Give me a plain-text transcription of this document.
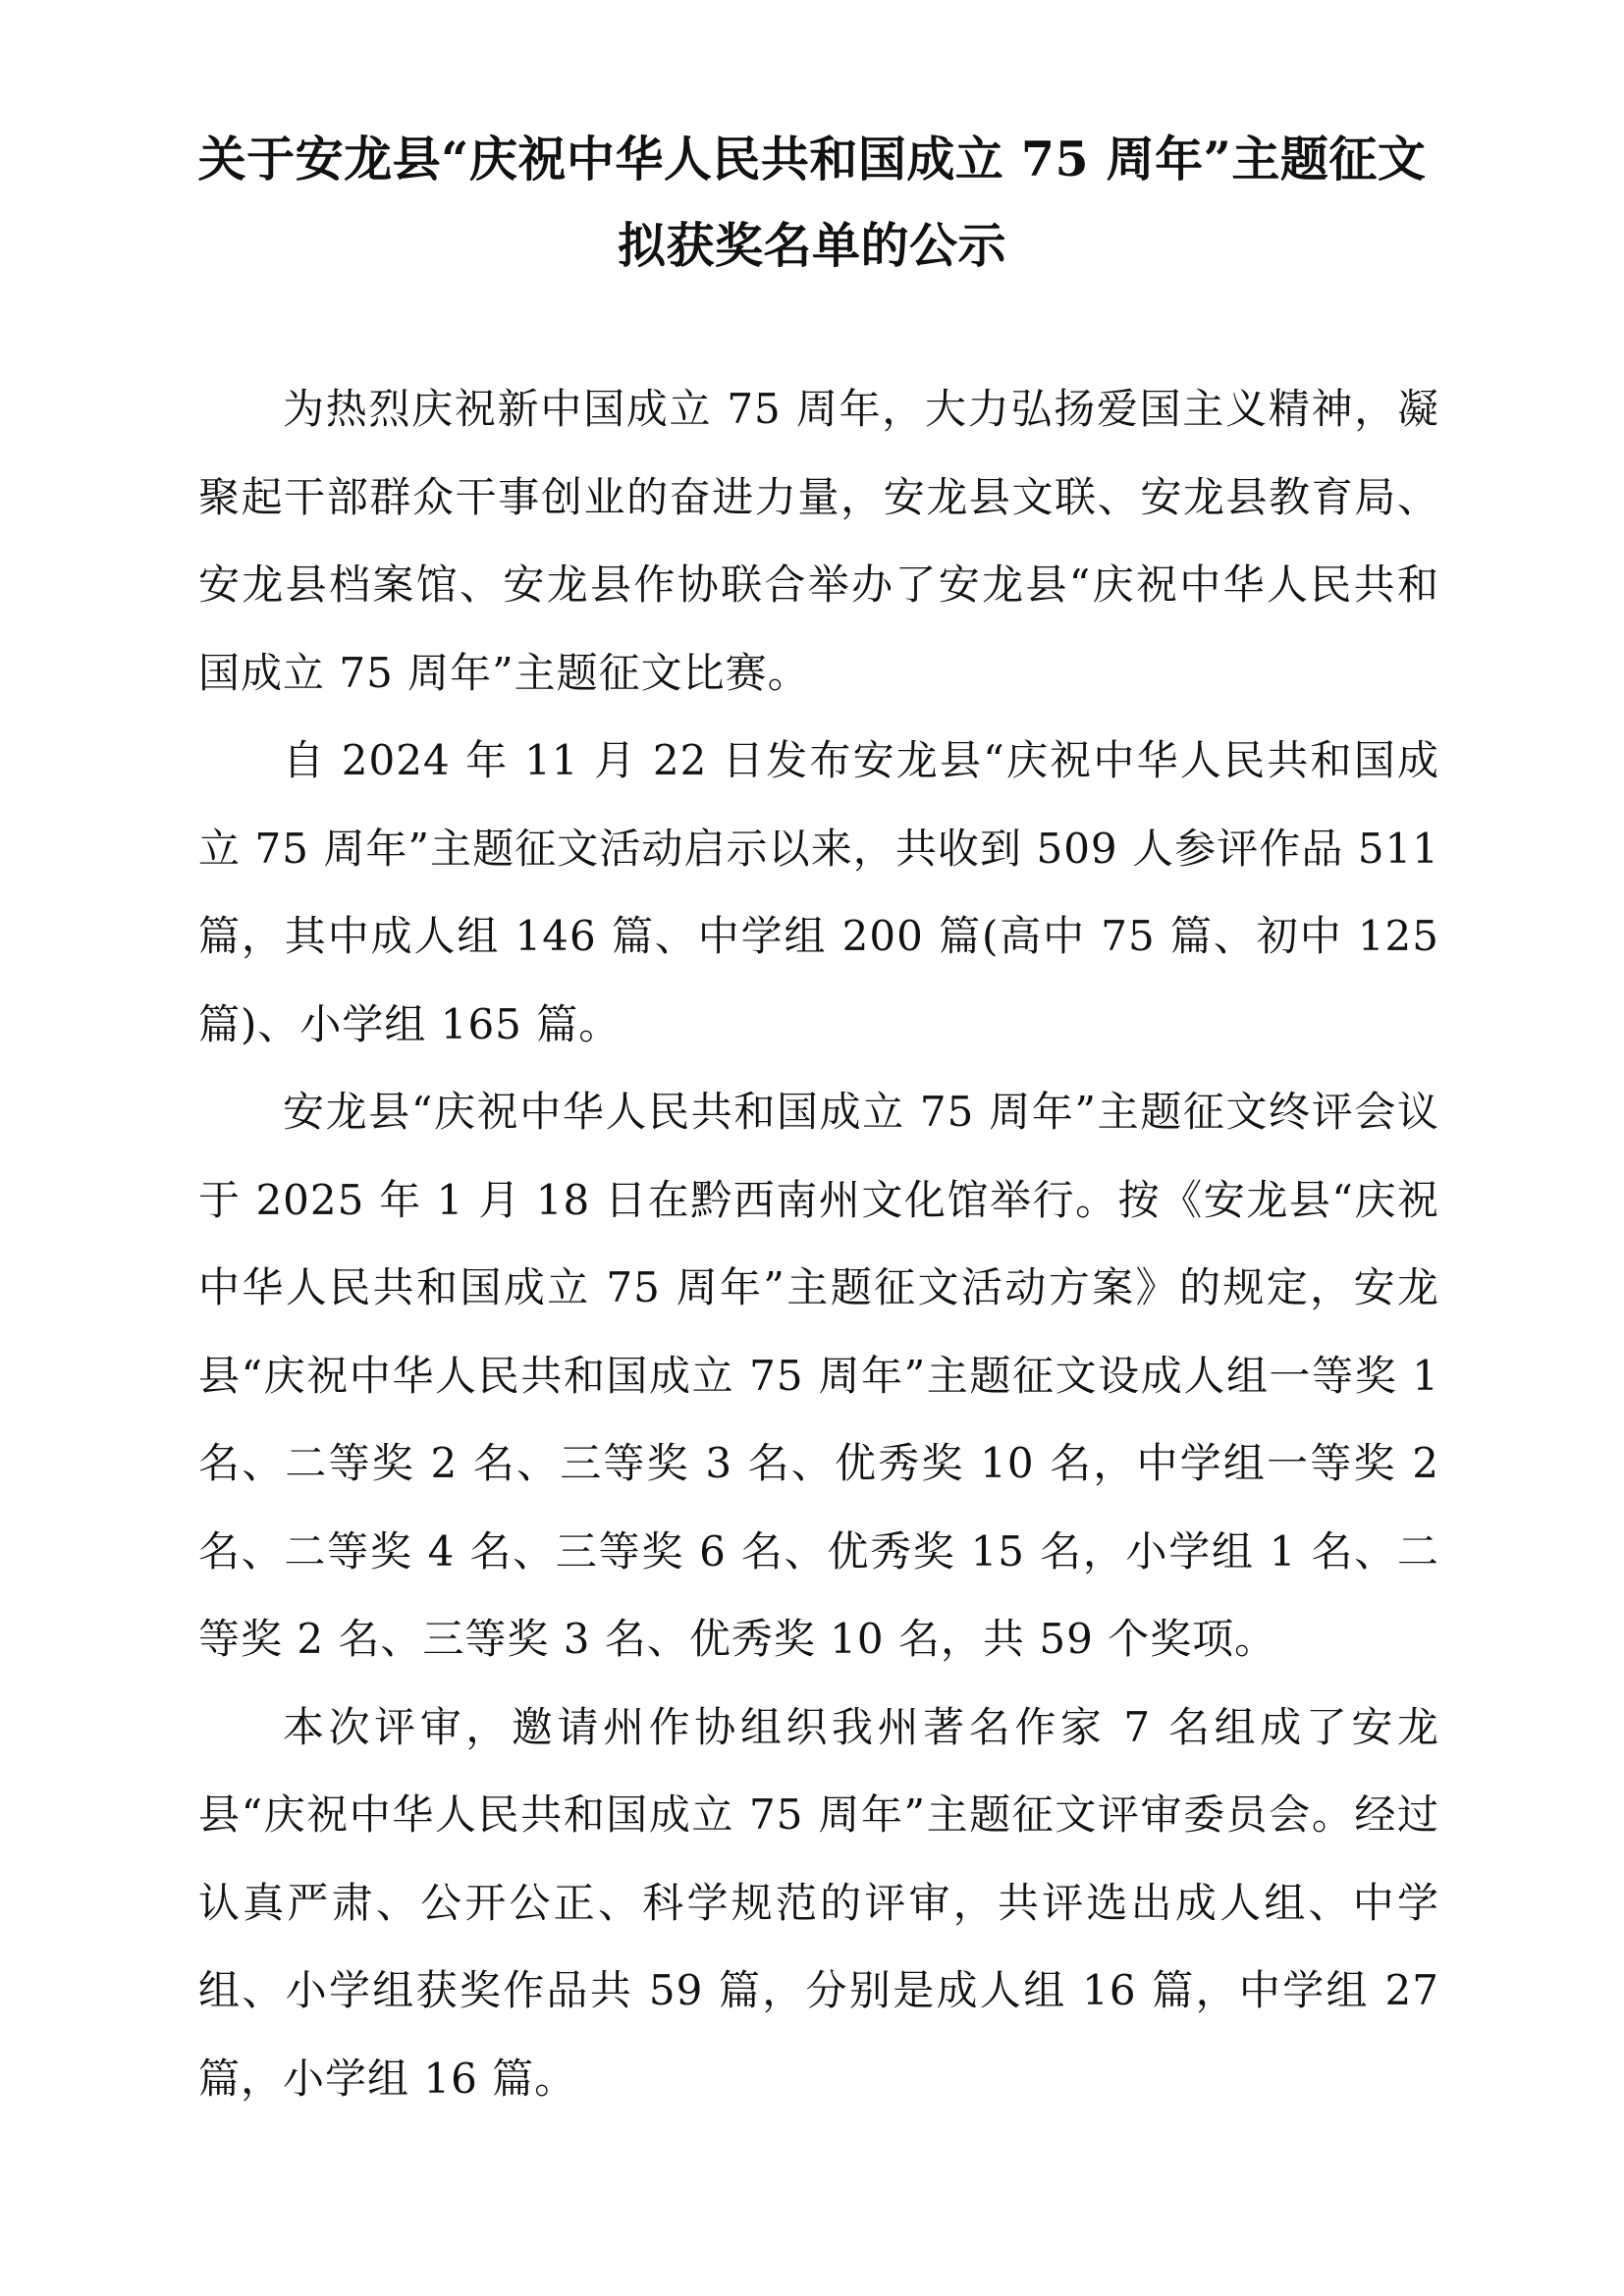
关于安龙县“庆祝中华人民共和国成立 75 周年”主题征文
拟获奖名单的公示

为热烈庆祝新中国成立 75 周年，大力弘扬爱国主义精神，凝聚起干部群众干事创业的奋进力量，安龙县文联、安龙县教育局、安龙县档案馆、安龙县作协联合举办了安龙县“庆祝中华人民共和国成立 75 周年”主题征文比赛。

自 2024 年 11 月 22 日发布安龙县“庆祝中华人民共和国成立 75 周年”主题征文活动启示以来，共收到 509 人参评作品 511 篇，其中成人组 146 篇、中学组 200 篇(高中 75 篇、初中 125 篇)、小学组 165 篇。

安龙县“庆祝中华人民共和国成立 75 周年”主题征文终评会议于 2025 年 1 月 18 日在黔西南州文化馆举行。按《安龙县“庆祝中华人民共和国成立 75 周年”主题征文活动方案》的规定，安龙县“庆祝中华人民共和国成立 75 周年”主题征文设成人组一等奖 1 名、二等奖 2 名、三等奖 3 名、优秀奖 10 名，中学组一等奖 2 名、二等奖 4 名、三等奖 6 名、优秀奖 15 名，小学组 1 名、二等奖 2 名、三等奖 3 名、优秀奖 10 名，共 59 个奖项。

本次评审，邀请州作协组织我州著名作家 7 名组成了安龙县“庆祝中华人民共和国成立 75 周年”主题征文评审委员会。经过认真严肃、公开公正、科学规范的评审，共评选出成人组、中学组、小学组获奖作品共 59 篇，分别是成人组 16 篇，中学组 27 篇，小学组 16 篇。
